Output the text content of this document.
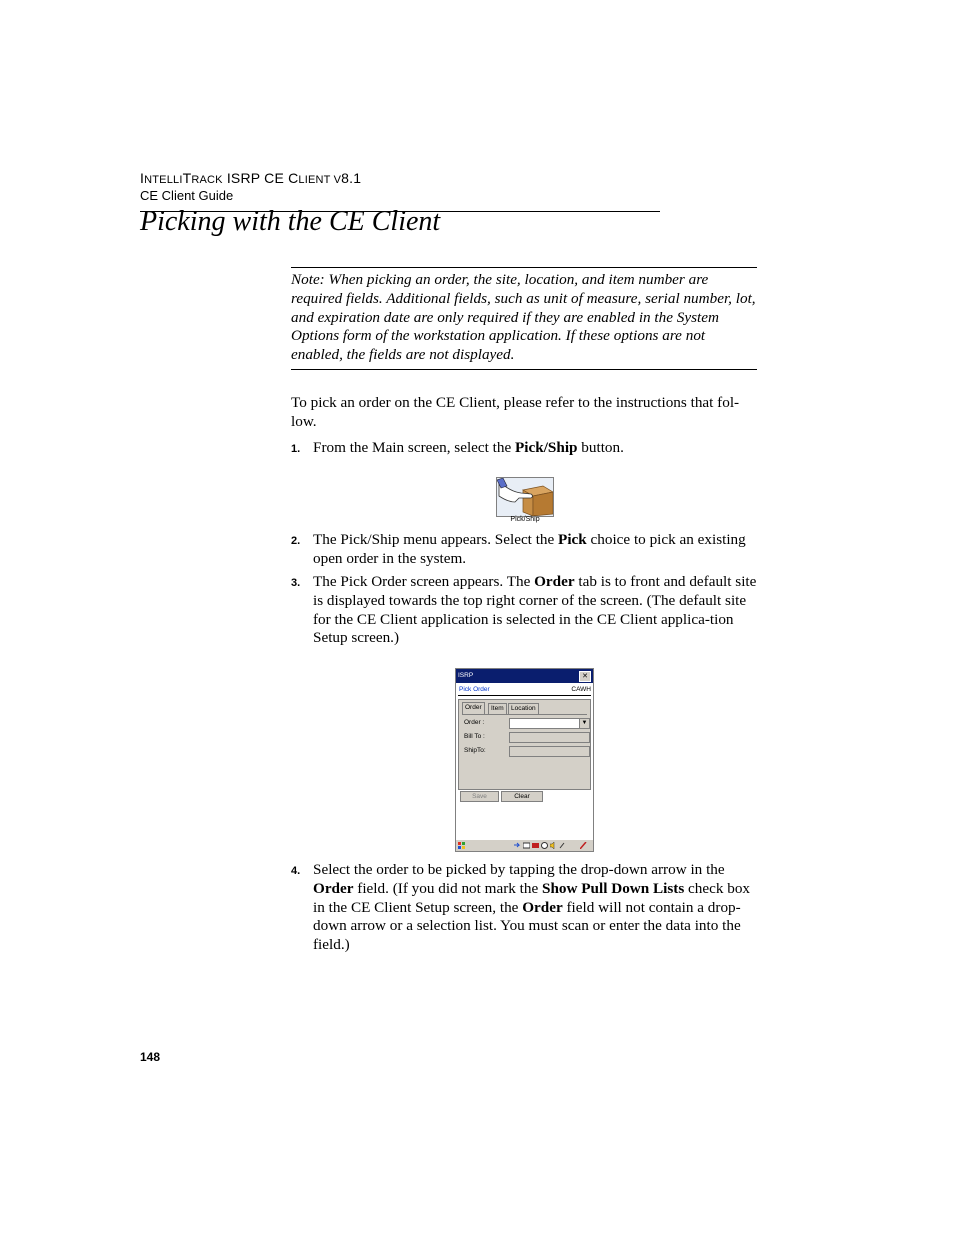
INTELLITRACK ISRP CE CLIENT V8.1
CE Client Guide
Picking with the CE Client
Note: When picking an order, the site, location, and item number are required fields. Additional fields, such as unit of measure, serial number, lot, and expiration date are only required if they are enabled in the System Options form of the workstation application. If these options are not enabled, the fields are not displayed.
To pick an order on the CE Client, please refer to the instructions that fol-low.
1. From the Main screen, select the Pick/Ship button.
Pick/Ship
2. The Pick/Ship menu appears. Select the Pick choice to pick an existing open order in the system.
3. The Pick Order screen appears. The Order tab is to front and default site is displayed towards the top right corner of the screen. (The default site for the CE Client application is selected in the CE Client applica-tion Setup screen.)
ISRP	✕
Pick Order	CAWH
Order	Item	Location
Order :	▼
Bill To :
ShipTo:
Save	Clear
4. Select the order to be picked by tapping the drop-down arrow in the Order field. (If you did not mark the Show Pull Down Lists check box in the CE Client Setup screen, the Order field will not contain a drop-down arrow or a selection list. You must scan or enter the data into the field.)
148
